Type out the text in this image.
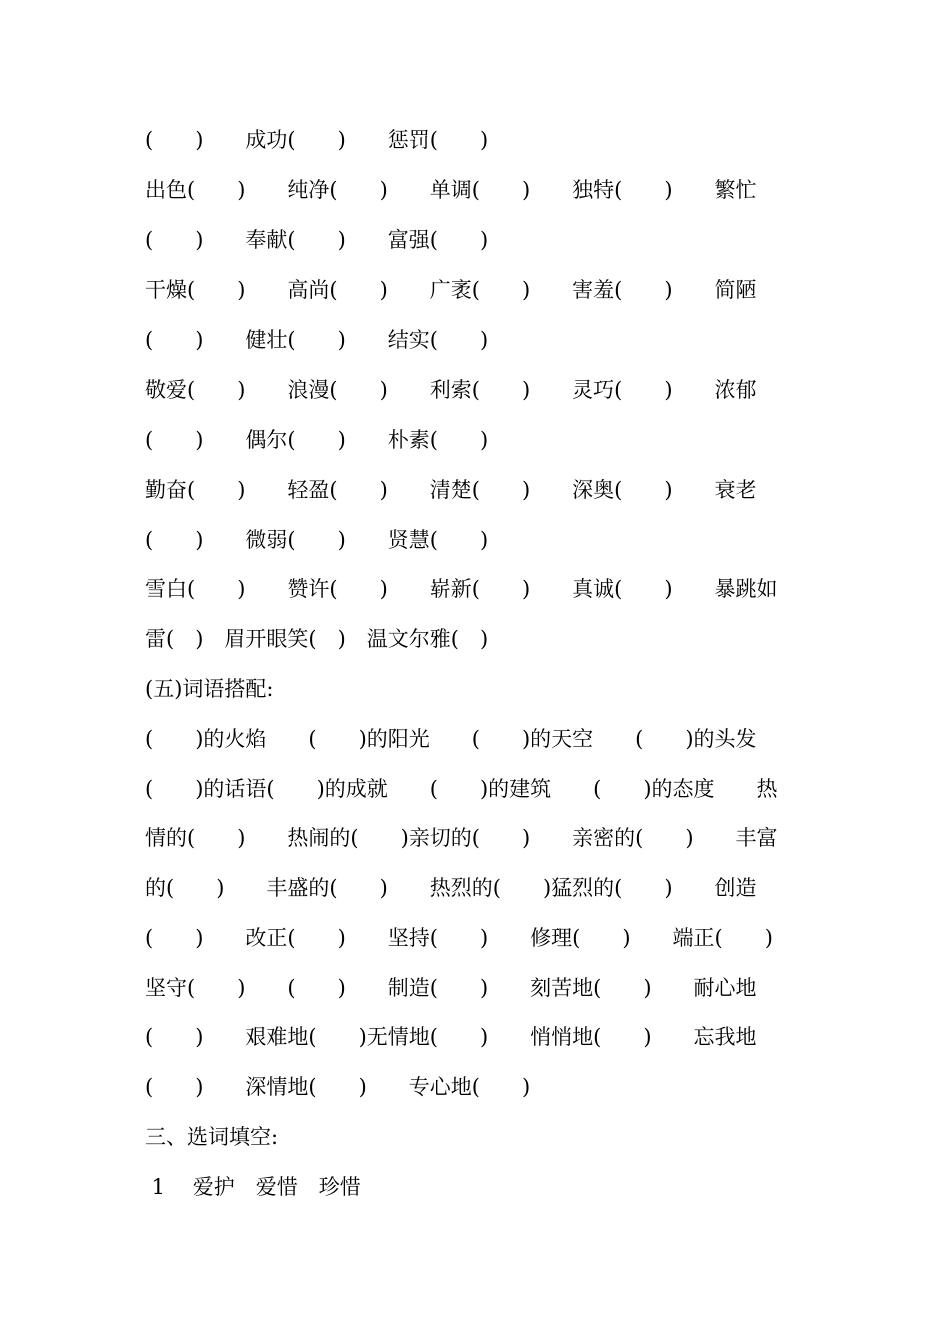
(　　)　　成功(　　)　　惩罚(　　)
出色(　　)　　纯净(　　)　　单调(　　)　　独特(　　)　　繁忙
(　　)　　奉献(　　)　　富强(　　)
干燥(　　)　　高尚(　　)　　广袤(　　)　　害羞(　　)　　简陋
(　　)　　健壮(　　)　　结实(　　)
敬爱(　　)　　浪漫(　　)　　利索(　　)　　灵巧(　　)　　浓郁
(　　)　　偶尔(　　)　　朴素(　　)
勤奋(　　)　　轻盈(　　)　　清楚(　　)　　深奥(　　)　　衰老
(　　)　　微弱(　　)　　贤慧(　　)
雪白(　　)　　赞许(　　)　　崭新(　　)　　真诚(　　)　　暴跳如
雷(　)　眉开眼笑(　)　温文尔雅(　)
(五)词语搭配:
(　　)的火焰　　(　　)的阳光　　(　　)的天空　　(　　)的头发
(　　)的话语(　　)的成就　　(　　)的建筑　　(　　)的态度　　热
情的(　　)　　热闹的(　　)亲切的(　　)　　亲密的(　　)　　丰富
的(　　)　　丰盛的(　　)　　热烈的(　　)猛烈的(　　)　　创造
(　　)　　改正(　　)　　坚持(　　)　　修理(　　)　　端正(　　)
坚守(　　)　　(　　)　　制造(　　)　　刻苦地(　　)　　耐心地
(　　)　　艰难地(　　)无情地(　　)　　悄悄地(　　)　　忘我地
(　　)　　深情地(　　)　　专心地(　　)
三、选词填空:
1　 爱护　爱惜　珍惜
